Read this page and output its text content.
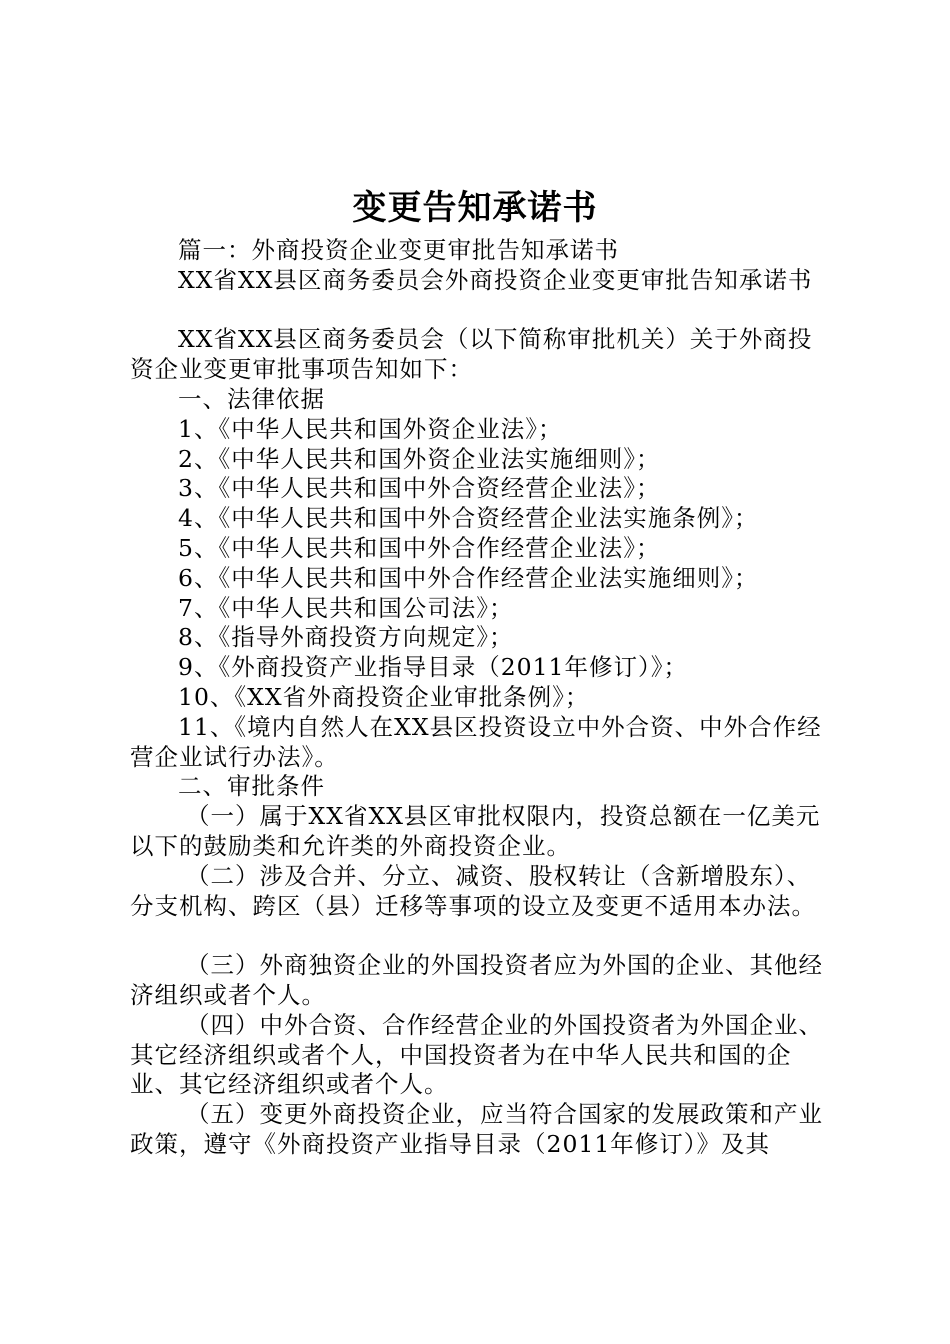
变更告知承诺书

篇一：外商投资企业变更审批告知承诺书

XX省XX县区商务委员会外商投资企业变更审批告知承诺书

XX省XX县区商务委员会（以下简称审批机关）关于外商投资企业变更审批事项告知如下：

一、法律依据

1、《中华人民共和国外资企业法》；

2、《中华人民共和国外资企业法实施细则》；

3、《中华人民共和国中外合资经营企业法》；

4、《中华人民共和国中外合资经营企业法实施条例》；

5、《中华人民共和国中外合作经营企业法》；

6、《中华人民共和国中外合作经营企业法实施细则》；

7、《中华人民共和国公司法》；

8、《指导外商投资方向规定》；

9、《外商投资产业指导目录（2011年修订）》；

10、《XX省外商投资企业审批条例》；

11、《境内自然人在XX县区投资设立中外合资、中外合作经营企业试行办法》。

二、审批条件

（一）属于XX省XX县区审批权限内，投资总额在一亿美元以下的鼓励类和允许类的外商投资企业。

（二）涉及合并、分立、减资、股权转让（含新增股东）、分支机构、跨区（县）迁移等事项的设立及变更不适用本办法。

（三）外商独资企业的外国投资者应为外国的企业、其他经济组织或者个人。

（四）中外合资、合作经营企业的外国投资者为外国企业、其它经济组织或者个人，中国投资者为在中华人民共和国的企业、其它经济组织或者个人。

（五）变更外商投资企业，应当符合国家的发展政策和产业政策，遵守《外商投资产业指导目录（2011年修订）》及其
